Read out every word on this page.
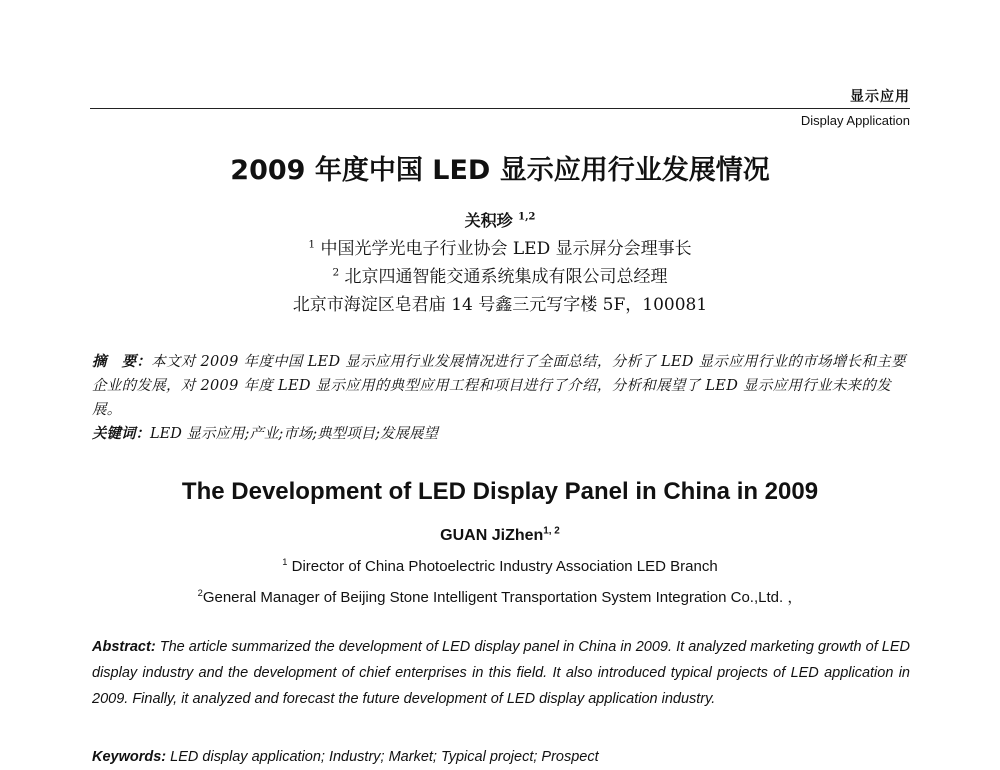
显示应用
Display Application
2009 年度中国 LED 显示应用行业发展情况
关积珍 $^{1,2}$
$^1$ 中国光学光电子行业协会 LED 显示屏分会理事长
$^2$ 北京四通智能交通系统集成有限公司总经理
北京市海淀区皂君庙 14 号鑫三元写字楼 5F，100081
摘　要：本文对 2009 年度中国 LED 显示应用行业发展情况进行了全面总结，分析了 LED 显示应用行业的市场增长和主要企业的发展，对 2009 年度 LED 显示应用的典型应用工程和项目进行了介绍，分析和展望了 LED 显示应用行业未来的发展。
关键词：LED 显示应用;产业;市场;典型项目;发展展望
The Development of LED Display Panel in China in 2009
GUAN JiZhen$^{1, 2}$
$^1$ Director of China Photoelectric Industry Association LED Branch
$^2$General Manager of Beijing Stone Intelligent Transportation System Integration Co.,Ltd. ，
Abstract: The article summarized the development of LED display panel in China in 2009. It analyzed marketing growth of LED display industry and the development of chief enterprises in this field. It also introduced typical projects of LED application in 2009. Finally, it analyzed and forecast the future development of LED display application industry.
Keywords: LED display application; Industry; Market; Typical project; Prospect
